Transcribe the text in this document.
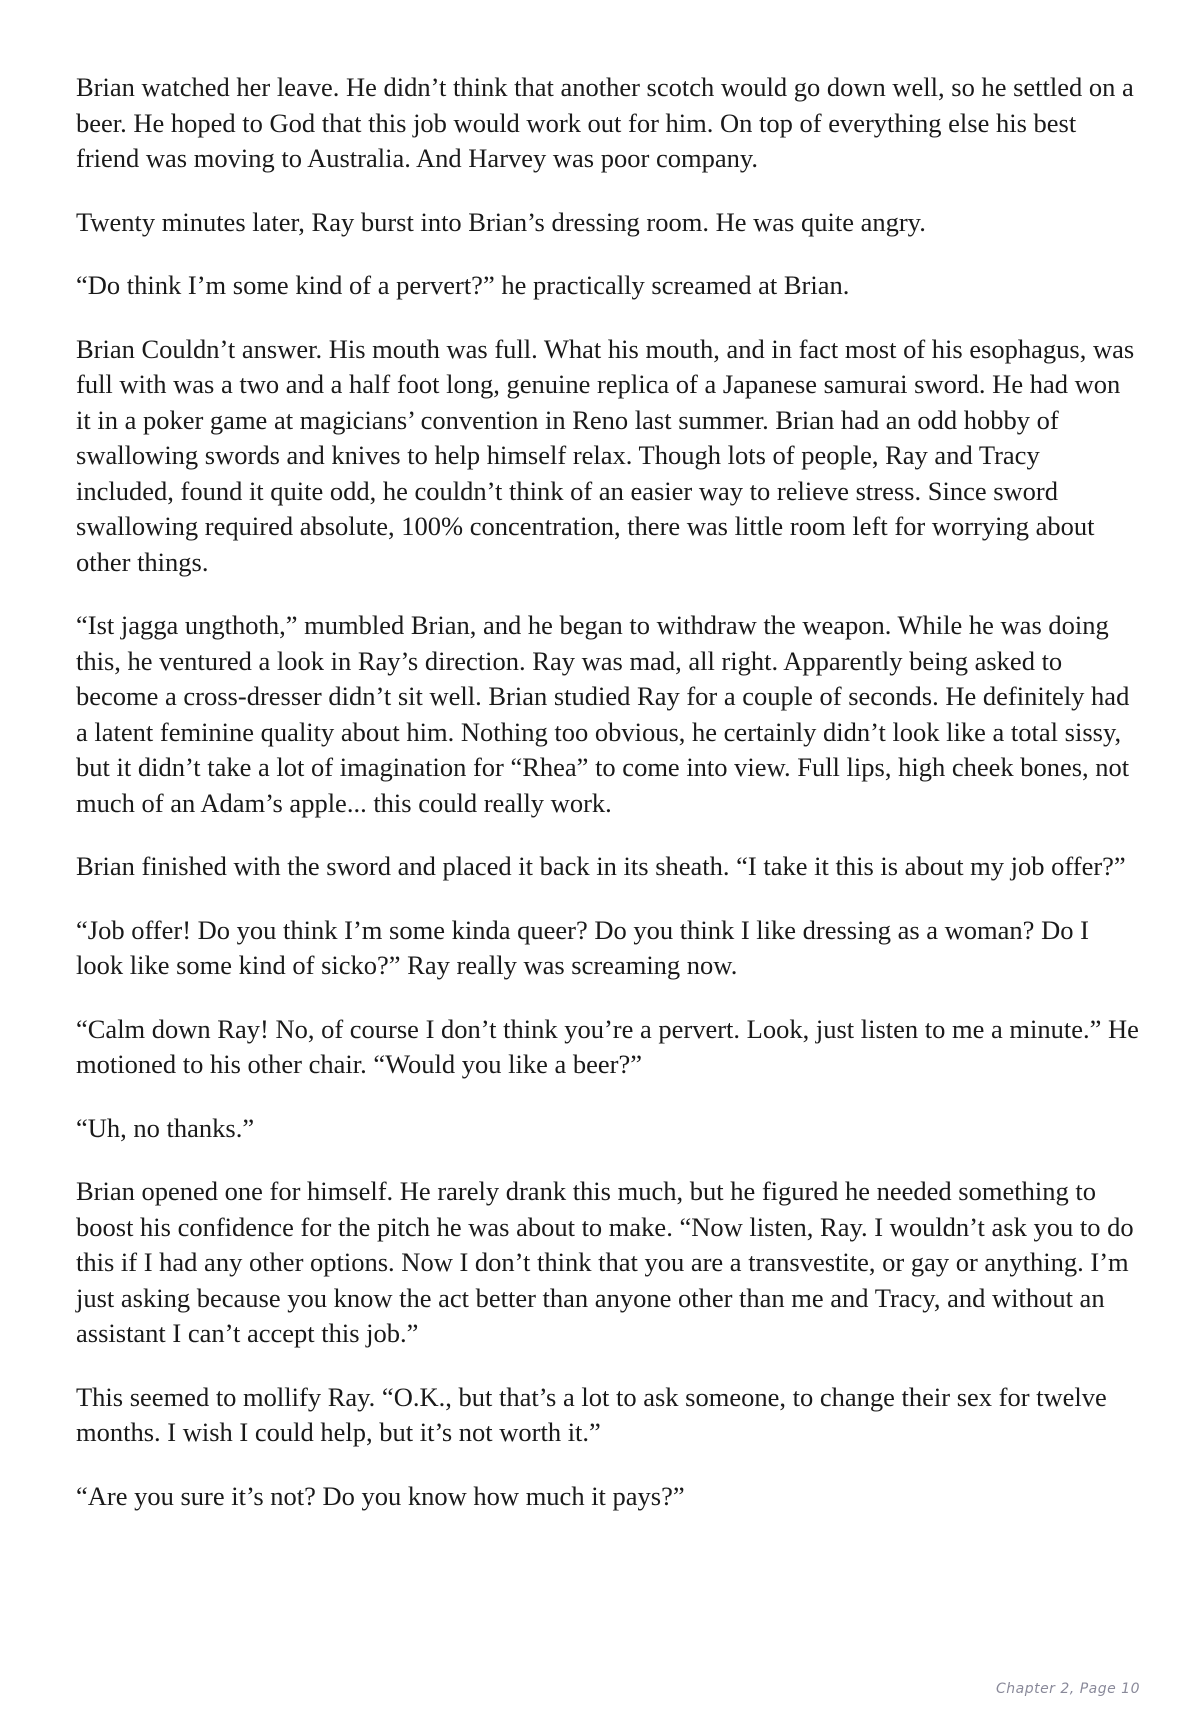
Brian watched her leave. He didn’t think that another scotch would go down well, so he settled on a beer. He hoped to God that this job would work out for him. On top of everything else his best friend was moving to Australia. And Harvey was poor company.

Twenty minutes later, Ray burst into Brian’s dressing room. He was quite angry.

“Do think I’m some kind of a pervert?” he practically screamed at Brian.

Brian Couldn’t answer. His mouth was full. What his mouth, and in fact most of his esophagus, was full with was a two and a half foot long, genuine replica of a Japanese samurai sword. He had won it in a poker game at magicians’ convention in Reno last summer. Brian had an odd hobby of swallowing swords and knives to help himself relax. Though lots of people, Ray and Tracy included, found it quite odd, he couldn’t think of an easier way to relieve stress. Since sword swallowing required absolute, 100% concentration, there was little room left for worrying about other things.

“Ist jagga ungthoth,” mumbled Brian, and he began to withdraw the weapon. While he was doing this, he ventured a look in Ray’s direction. Ray was mad, all right. Apparently being asked to become a cross-dresser didn’t sit well. Brian studied Ray for a couple of seconds. He definitely had a latent feminine quality about him. Nothing too obvious, he certainly didn’t look like a total sissy, but it didn’t take a lot of imagination for “Rhea” to come into view. Full lips, high cheek bones, not much of an Adam’s apple... this could really work.

Brian finished with the sword and placed it back in its sheath. “I take it this is about my job offer?”

“Job offer! Do you think I’m some kinda queer? Do you think I like dressing as a woman? Do I look like some kind of sicko?” Ray really was screaming now.

“Calm down Ray! No, of course I don’t think you’re a pervert. Look, just listen to me a minute.” He motioned to his other chair. “Would you like a beer?”

“Uh, no thanks.”

Brian opened one for himself. He rarely drank this much, but he figured he needed something to boost his confidence for the pitch he was about to make. “Now listen, Ray. I wouldn’t ask you to do this if I had any other options. Now I don’t think that you are a transvestite, or gay or anything. I’m just asking because you know the act better than anyone other than me and Tracy, and without an assistant I can’t accept this job.”

This seemed to mollify Ray. “O.K., but that’s a lot to ask someone, to change their sex for twelve months. I wish I could help, but it’s not worth it.”

“Are you sure it’s not? Do you know how much it pays?”

Chapter 2, Page 10
